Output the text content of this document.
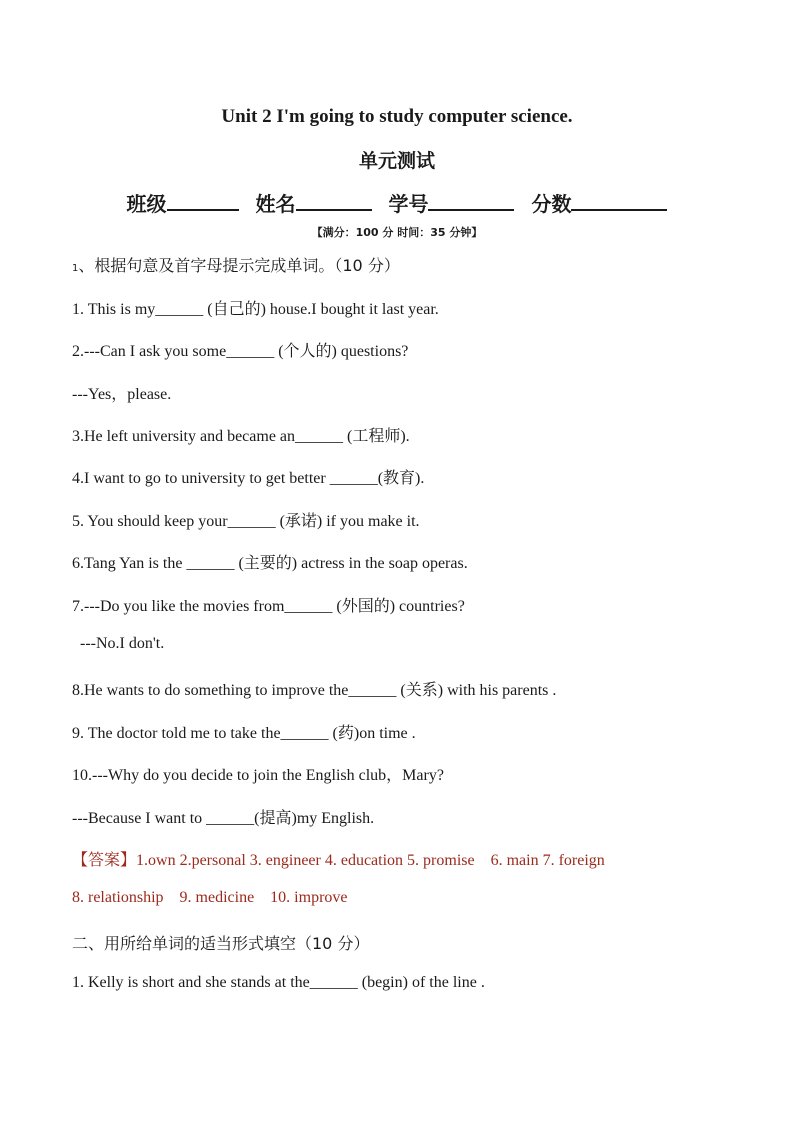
Unit 2 I'm going to study computer science.
单元测试
班级	姓名	学号	分数
【满分：100 分 时间：35 分钟】
1、根据句意及首字母提示完成单词。（10 分）
1. This is my______ (自己的) house.I bought it last year.
2.---Can I ask you some______ (个人的) questions?
---Yes，please.
3.He left university and became an______ (工程师).
4.I want to go to university to get better ______(教育).
5. You should keep your______ (承诺) if you make it.
6.Tang Yan is the ______ (主要的) actress in the soap operas.
7.---Do you like the movies from______ (外国的) countries?
---No.I don't.
8.He wants to do something to improve the______ (关系) with his parents .
9. The doctor told me to take the______ (药)on time .
10.---Why do you decide to join the English club，Mary?
---Because I want to ______(提高)my English.
【答案】1.own 2.personal 3. engineer 4. education 5. promise    6. main 7. foreign
8. relationship    9. medicine    10. improve
二、用所给单词的适当形式填空（10 分）
1. Kelly is short and she stands at the______ (begin) of the line .
